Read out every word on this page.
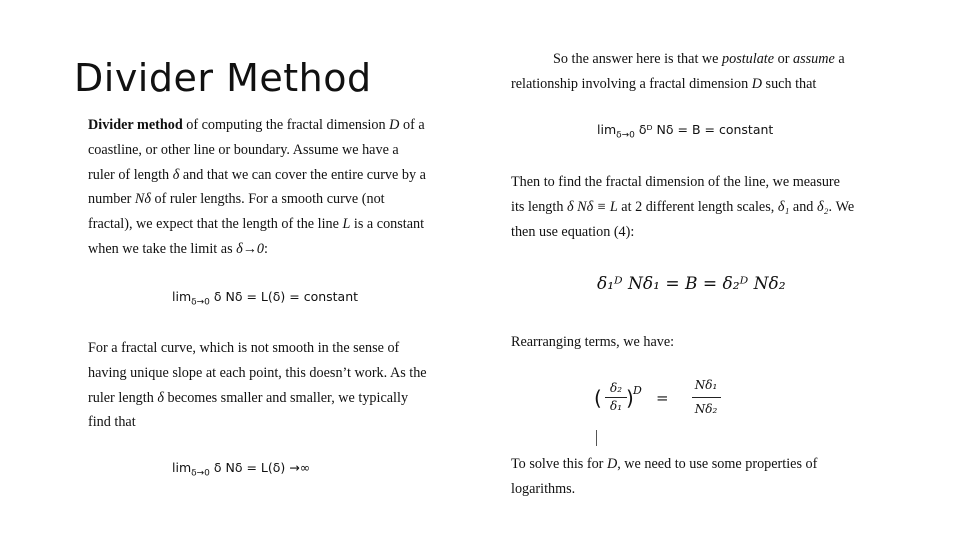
Divider Method

Divider method of computing the fractal dimension D of a coastline, or other line or boundary. Assume we have a ruler of length δ and that we can cover the entire curve by a number Nδ of ruler lengths. For a smooth curve (not fractal), we expect that the length of the line L is a constant when we take the limit as δ→0:

$\lim_{\delta\to 0} \delta$ Nδ = L(δ) = constant

For a fractal curve, which is not smooth in the sense of having unique slope at each point, this doesn’t work. As the ruler length δ becomes smaller and smaller, we typically find that

$\lim_{\delta\to 0} \delta$ Nδ = L(δ) →∞

So the answer here is that we postulate or assume a relationship involving a fractal dimension D such that

$\lim_{\delta\to 0}$ δᴰ Nδ = B = constant

Then to find the fractal dimension of the line, we measure its length δ Nδ ≡ L at 2 different length scales, δ₁ and δ₂. We then use equation (4):

δ₁ᴰ Nδ₁ = B = δ₂ᴰ Nδ₂

Rearranging terms, we have:

( δ₂
δ₁ ) D =
Nδ₁
Nδ₂

To solve this for D, we need to use some properties of logarithms.
